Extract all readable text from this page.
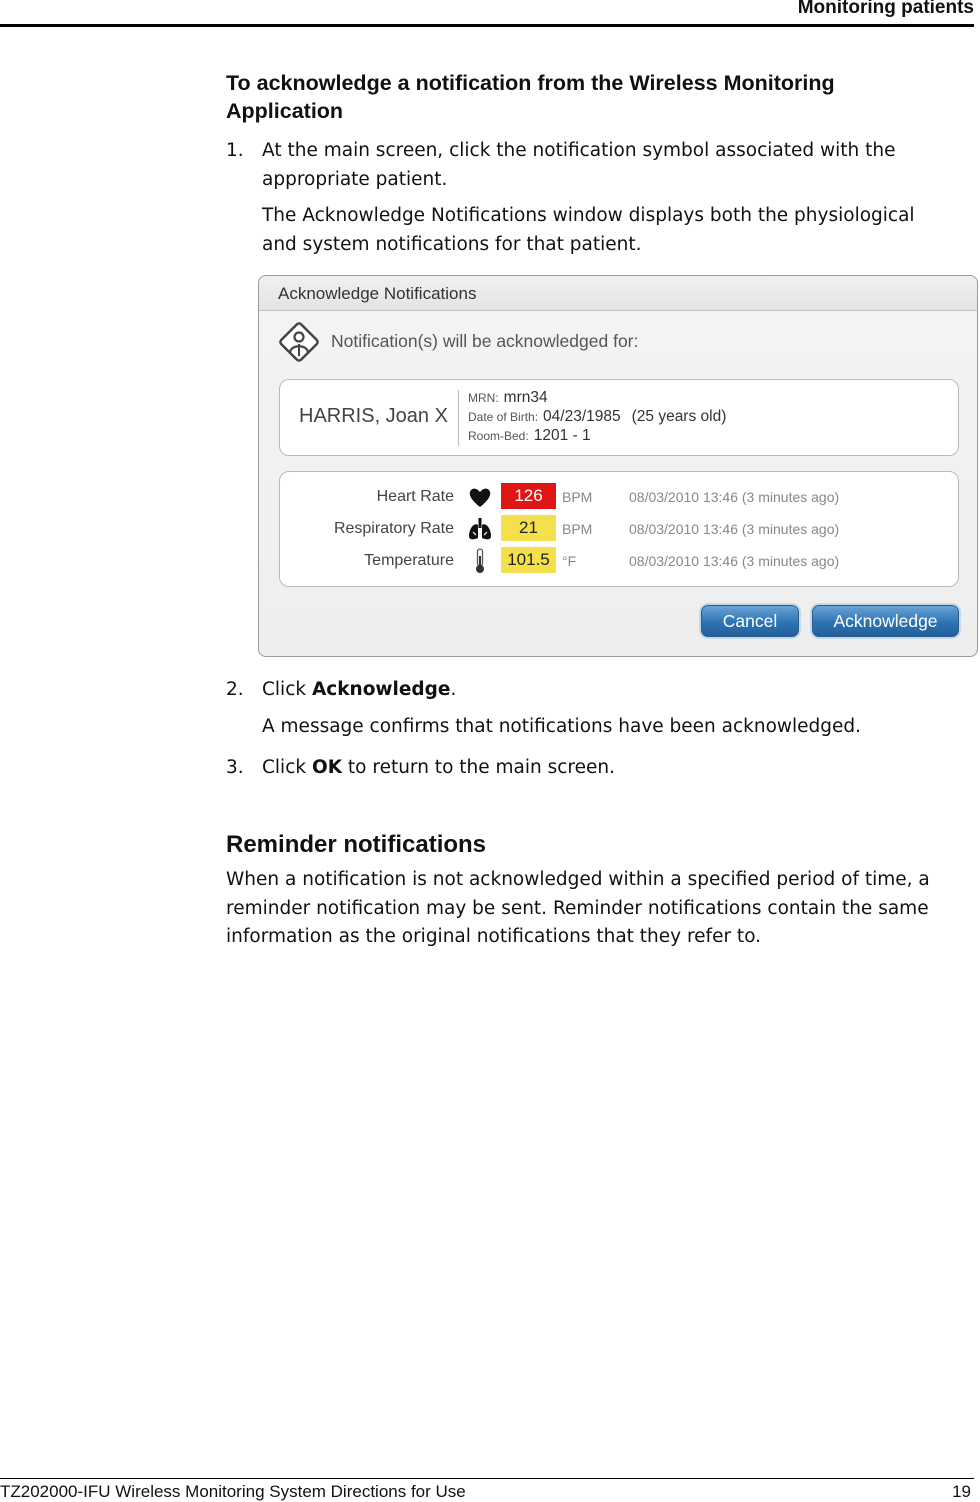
Monitoring patients
To acknowledge a notification from the Wireless Monitoring Application
1. At the main screen, click the notification symbol associated with the appropriate patient.
The Acknowledge Notifications window displays both the physiological and system notifications for that patient.
Acknowledge Notifications
Notification(s) will be acknowledged for:
HARRIS, Joan X
MRN: mrn34
Date of Birth: 04/23/1985 (25 years old)
Room-Bed: 1201 - 1
Heart Rate	126	BPM	08/03/2010 13:46 (3 minutes ago)
Respiratory Rate	21	BPM	08/03/2010 13:46 (3 minutes ago)
Temperature	101.5 °F	08/03/2010 13:46 (3 minutes ago)
Cancel	Acknowledge
2. Click Acknowledge.
A message confirms that notifications have been acknowledged.
3. Click OK to return to the main screen.
Reminder notifications
When a notification is not acknowledged within a specified period of time, a reminder notification may be sent. Reminder notifications contain the same information as the original notifications that they refer to.
TZ202000-IFU Wireless Monitoring System Directions for Use	19
